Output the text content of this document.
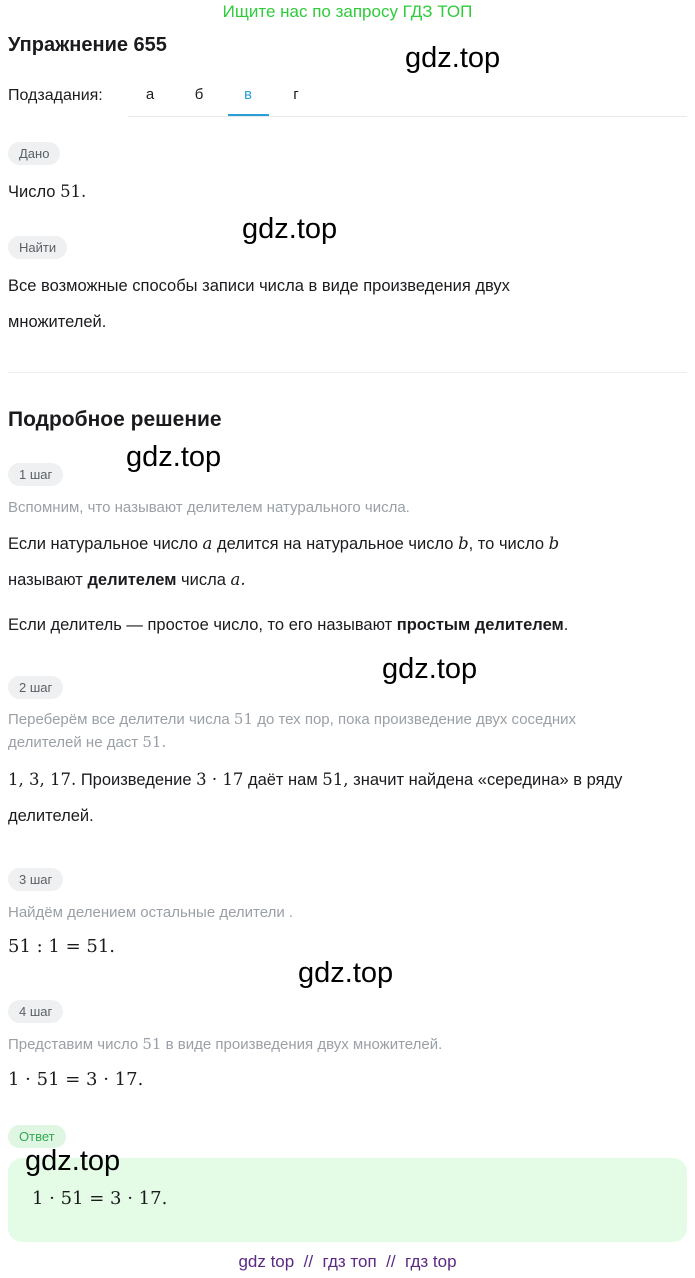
Ищите нас по запросу ГДЗ ТОП
Упражнение 655	gdz.top
gdz.top
gdz.top
gdz.top
gdz.top
Подзадания:	а	б	в	г
Дано
Число 51.
Найти
Все возможные способы записи числа в виде произведения двух
множителей.
Подробное решение
1 шаг
Вспомним, что называют делителем натурального числа.
Если натуральное число a делится на натуральное число b, то число b
называют делителем числа a.
Если делитель — простое число, то его называют простым делителем.
2 шаг
Переберём все делители числа 51 до тех пор, пока произведение двух соседних
делителей не даст 51.
1, 3, 17. Произведение 3 · 17 даёт нам 51, значит найдена «середина» в ряду
делителей.
3 шаг
Найдём делением остальные делители .
51 : 1 = 51.
4 шаг
Представим число 51 в виде произведения двух множителей.
1 · 51 = 3 · 17.
Ответ
1 · 51 = 3 · 17.
gdz.top
gdz top  //  гдз топ  //  гдз top
